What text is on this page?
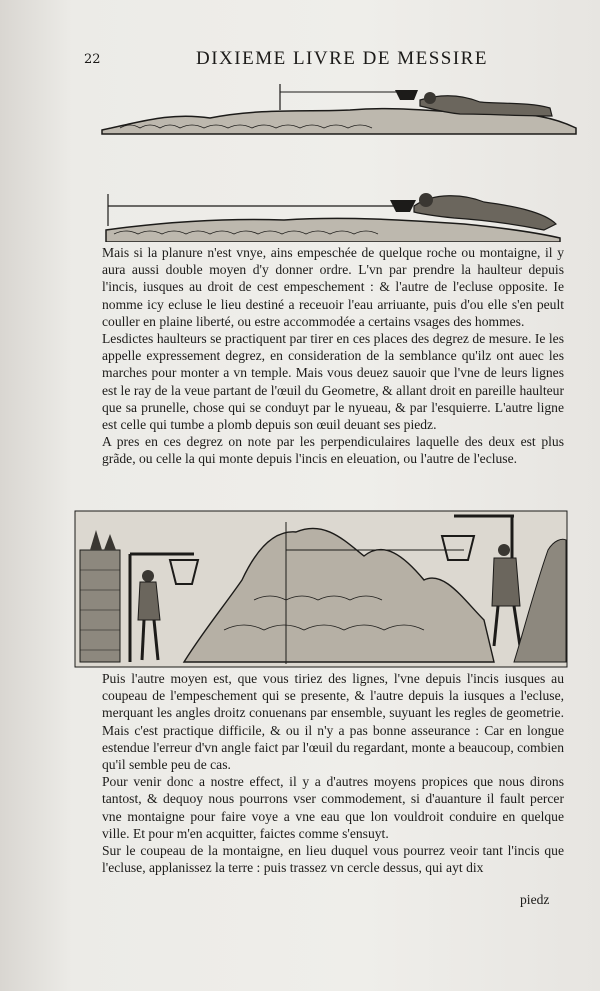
22	DIXIEME LIVRE DE MESSIRE

Mais si la planure n'est vnye, ains empeschée de quelque roche ou montaigne, il y aura aussi double moyen d'y donner ordre. L'vn par prendre la haulteur depuis l'incis, iusques au droit de cest empeschement : & l'autre de l'ecluse opposite. Ie nomme icy ecluse le lieu destiné a receuoir l'eau arriuante, puis d'ou elle s'en peult couller en plaine liberté, ou estre accommodée a certains vsages des hommes.

Lesdictes haulteurs se practiquent par tirer en ces places des degrez de mesure. Ie les appelle expressement degrez, en consideration de la semblance qu'ilz ont auec les marches pour monter a vn temple. Mais vous deuez sauoir que l'vne de leurs lignes est le ray de la veue partant de l'œuil du Geometre, & allant droit en pareille haulteur que sa prunelle, chose qui se conduyt par le nyueau, & par l'esquierre. L'autre ligne est celle qui tumbe a plomb depuis son œuil deuant ses piedz.

A pres en ces degrez on note par les perpendiculaires laquelle des deux est plus grãde, ou celle la qui monte depuis l'incis en eleuation, ou l'autre de l'ecluse.

Puis l'autre moyen est, que vous tiriez des lignes, l'vne depuis l'incis iusques au coupeau de l'empeschement qui se presente, & l'autre depuis la iusques a l'ecluse, merquant les angles droitz conuenans par ensemble, suyuant les regles de geometrie. Mais c'est practique difficile, & ou il n'y a pas bonne asseurance : Car en longue estendue l'erreur d'vn angle faict par l'œuil du regardant, monte a beaucoup, combien qu'il semble peu de cas.

Pour venir donc a nostre effect, il y a d'autres moyens propices que nous dirons tantost, & dequoy nous pourrons vser commodement, si d'auanture il fault percer vne montaigne pour faire voye a vne eau que lon vouldroit conduire en quelque ville. Et pour m'en acquitter, faictes comme s'ensuyt.

Sur le coupeau de la montaigne, en lieu duquel vous pourrez veoir tant l'incis que l'ecluse, applanissez la terre : puis trassez vn cercle dessus, qui ayt dix

piedz
